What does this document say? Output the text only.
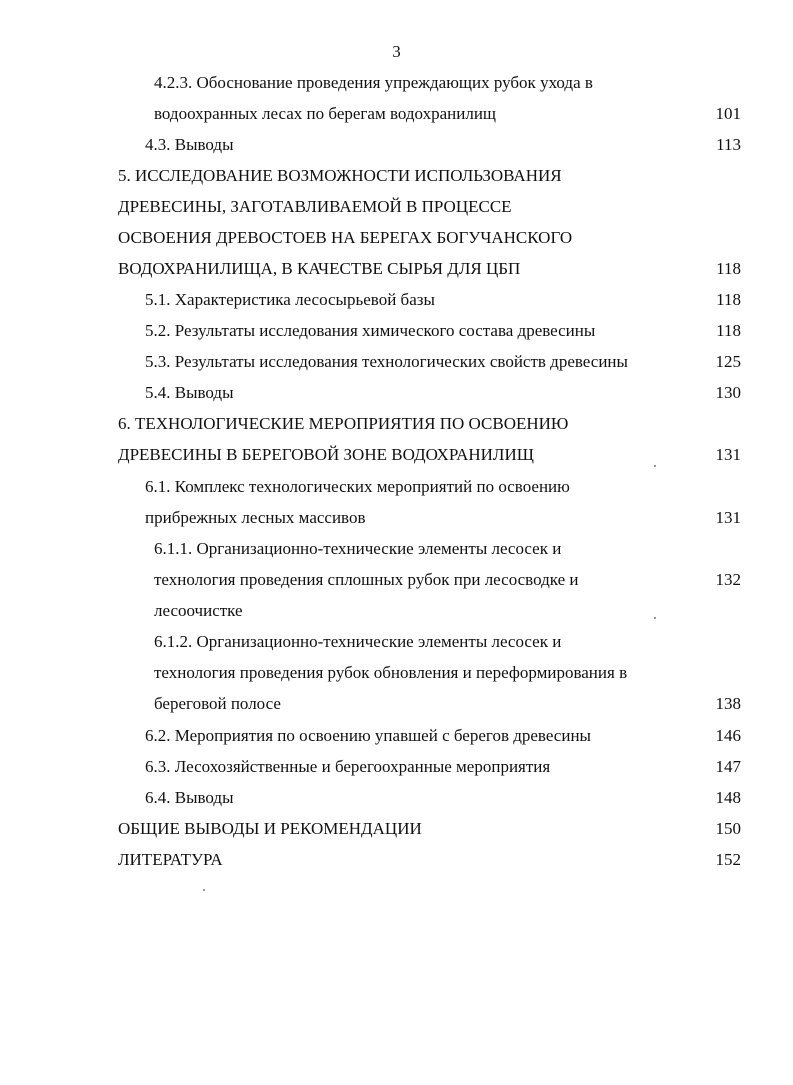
3
4.2.3. Обоснование проведения упреждающих рубок ухода в
водоохранных лесах по берегам водохранилищ	101
4.3. Выводы	113
5. ИССЛЕДОВАНИЕ ВОЗМОЖНОСТИ ИСПОЛЬЗОВАНИЯ
ДРЕВЕСИНЫ, ЗАГОТАВЛИВАЕМОЙ В ПРОЦЕССЕ
ОСВОЕНИЯ ДРЕВОСТОЕВ НА БЕРЕГАХ БОГУЧАНСКОГО
ВОДОХРАНИЛИЩА, В КАЧЕСТВЕ СЫРЬЯ ДЛЯ ЦБП	118
5.1. Характеристика лесосырьевой базы	118
5.2. Результаты исследования химического состава древесины	118
5.3. Результаты исследования технологических свойств древесины	125
5.4. Выводы	130
6. ТЕХНОЛОГИЧЕСКИЕ МЕРОПРИЯТИЯ ПО ОСВОЕНИЮ
ДРЕВЕСИНЫ В БЕРЕГОВОЙ ЗОНЕ ВОДОХРАНИЛИЩ	131
6.1. Комплекс технологических мероприятий по освоению
прибрежных лесных массивов	131
6.1.1. Организационно-технические элементы лесосек и
технология проведения сплошных рубок при лесосводке и	132
лесоочистке
6.1.2. Организационно-технические элементы лесосек и
технология проведения рубок обновления и переформирования в
береговой полосе	138
6.2. Мероприятия по освоению упавшей с берегов древесины	146
6.3. Лесохозяйственные и берегоохранные мероприятия	147
6.4. Выводы	148
ОБЩИЕ ВЫВОДЫ И РЕКОМЕНДАЦИИ	150
ЛИТЕРАТУРА	152
